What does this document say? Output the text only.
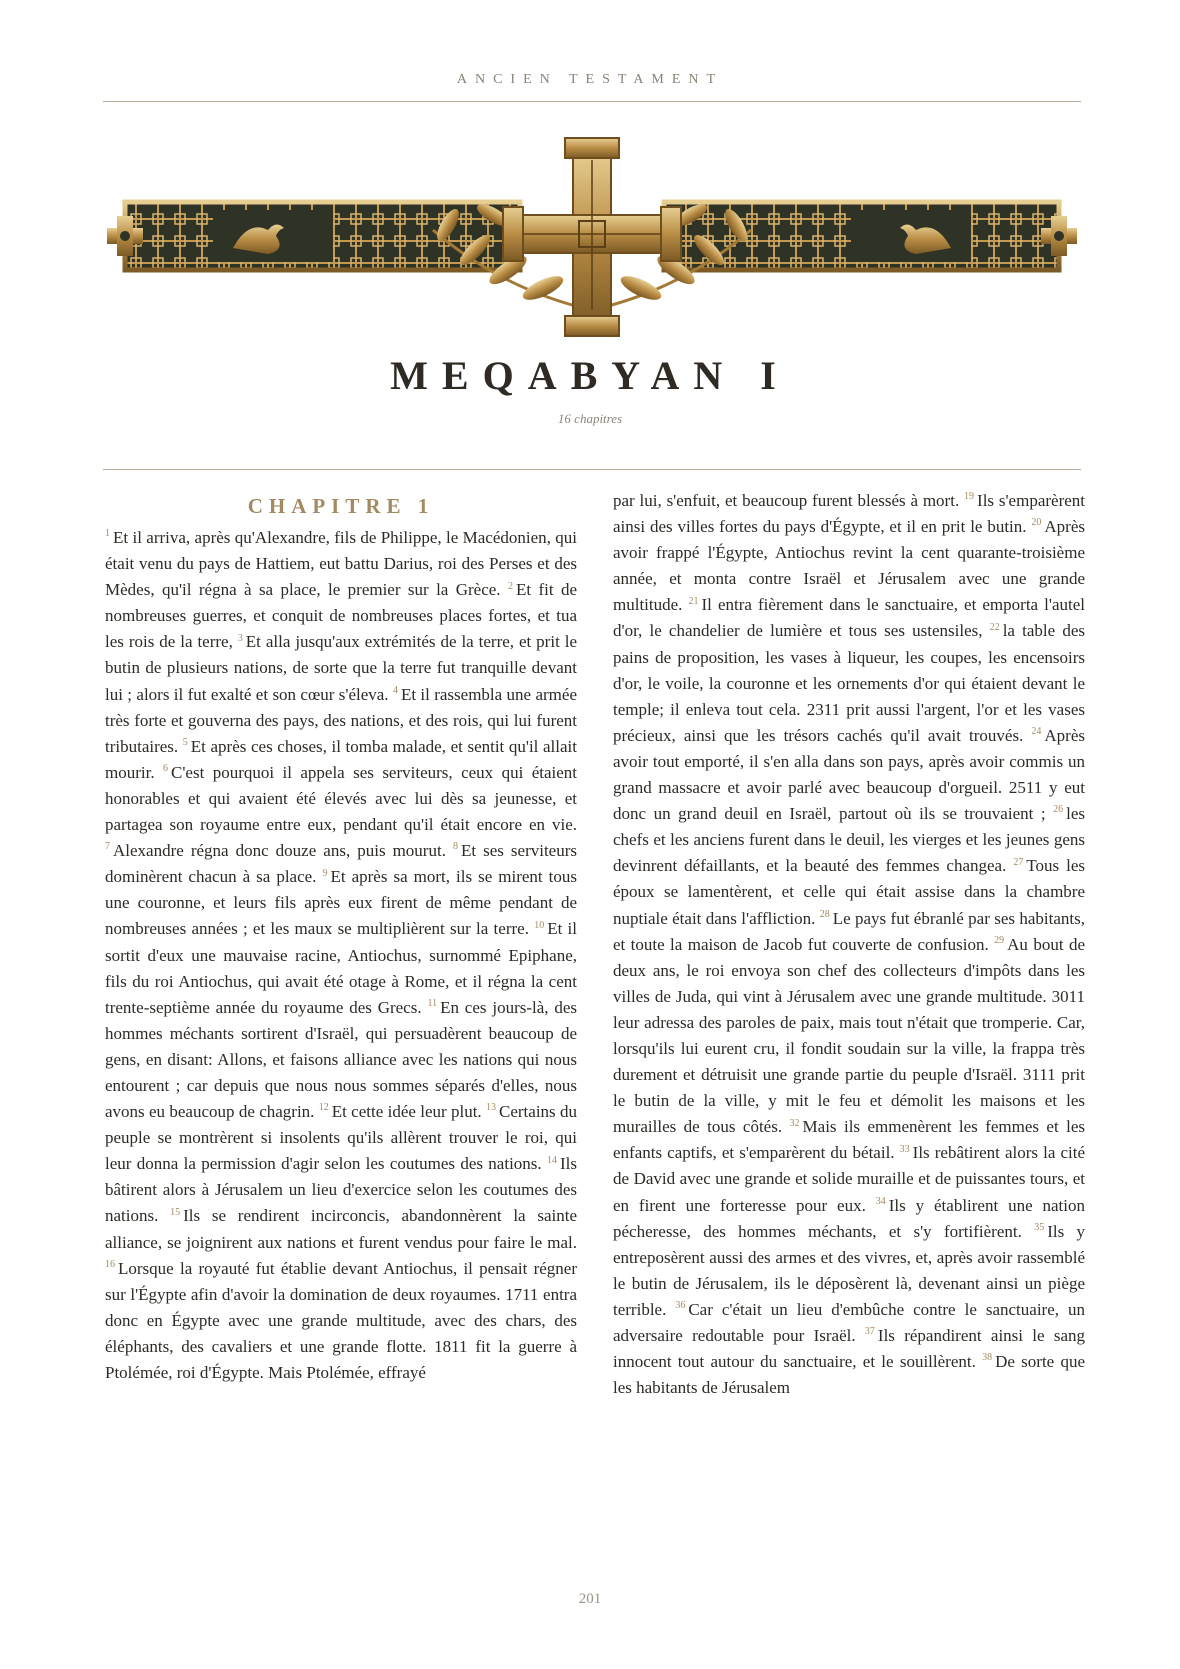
ANCIEN TESTAMENT
MEQABYAN I
16 chapitres
CHAPITRE 1
$^1$ Et il arriva, après qu'Alexandre, fils de Philippe, le Macédonien, qui était venu du pays de Hattiem, eut battu Darius, roi des Perses et des Mèdes, qu'il régna à sa place, le premier sur la Grèce. $^2$ Et fit de nombreuses guerres, et conquit de nombreuses places fortes, et tua les rois de la terre, $^3$ Et alla jusqu'aux extrémités de la terre, et prit le butin de plusieurs nations, de sorte que la terre fut tranquille devant lui ; alors il fut exalté et son cœur s'éleva. $^4$ Et il rassembla une armée très forte et gouverna des pays, des nations, et des rois, qui lui furent tributaires. $^5$ Et après ces choses, il tomba malade, et sentit qu'il allait mourir. $^6$ C'est pourquoi il appela ses serviteurs, ceux qui étaient honorables et qui avaient été élevés avec lui dès sa jeunesse, et partagea son royaume entre eux, pendant qu'il était encore en vie. $^7$ Alexandre régna donc douze ans, puis mourut. $^8$ Et ses serviteurs dominèrent chacun à sa place. $^9$ Et après sa mort, ils se mirent tous une couronne, et leurs fils après eux firent de même pendant de nombreuses années ; et les maux se multiplièrent sur la terre. $^{10}$ Et il sortit d'eux une mauvaise racine, Antiochus, surnommé Epiphane, fils du roi Antiochus, qui avait été otage à Rome, et il régna la cent trente-septième année du royaume des Grecs. $^{11}$ En ces jours-là, des hommes méchants sortirent d'Israël, qui persuadèrent beaucoup de gens, en disant: Allons, et faisons alliance avec les nations qui nous entourent ; car depuis que nous nous sommes séparés d'elles, nous avons eu beaucoup de chagrin. $^{12}$ Et cette idée leur plut. $^{13}$ Certains du peuple se montrèrent si insolents qu'ils allèrent trouver le roi, qui leur donna la permission d'agir selon les coutumes des nations. $^{14}$ Ils bâtirent alors à Jérusalem un lieu d'exercice selon les coutumes des nations. $^{15}$ Ils se rendirent incirconcis, abandonnèrent la sainte alliance, se joignirent aux nations et furent vendus pour faire le mal. $^{16}$ Lorsque la royauté fut établie devant Antiochus, il pensait régner sur l'Égypte afin d'avoir la domination de deux royaumes. 1711 entra donc en Égypte avec une grande multitude, avec des chars, des éléphants, des cavaliers et une grande flotte. 1811 fit la guerre à Ptolémée, roi d'Égypte. Mais Ptolémée, effrayé
par lui, s'enfuit, et beaucoup furent blessés à mort. $^{19}$ Ils s'emparèrent ainsi des villes fortes du pays d'Égypte, et il en prit le butin. $^{20}$ Après avoir frappé l'Égypte, Antiochus revint la cent quarante-troisième année, et monta contre Israël et Jérusalem avec une grande multitude. $^{21}$ Il entra fièrement dans le sanctuaire, et emporta l'autel d'or, le chandelier de lumière et tous ses ustensiles, $^{22}$ la table des pains de proposition, les vases à liqueur, les coupes, les encensoirs d'or, le voile, la couronne et les ornements d'or qui étaient devant le temple; il enleva tout cela. 2311 prit aussi l'argent, l'or et les vases précieux, ainsi que les trésors cachés qu'il avait trouvés. $^{24}$ Après avoir tout emporté, il s'en alla dans son pays, après avoir commis un grand massacre et avoir parlé avec beaucoup d'orgueil. 2511 y eut donc un grand deuil en Israël, partout où ils se trouvaient ; $^{26}$ les chefs et les anciens furent dans le deuil, les vierges et les jeunes gens devinrent défaillants, et la beauté des femmes changea. $^{27}$ Tous les époux se lamentèrent, et celle qui était assise dans la chambre nuptiale était dans l'affliction. $^{28}$ Le pays fut ébranlé par ses habitants, et toute la maison de Jacob fut couverte de confusion. $^{29}$ Au bout de deux ans, le roi envoya son chef des collecteurs d'impôts dans les villes de Juda, qui vint à Jérusalem avec une grande multitude. 3011 leur adressa des paroles de paix, mais tout n'était que tromperie. Car, lorsqu'ils lui eurent cru, il fondit soudain sur la ville, la frappa très durement et détruisit une grande partie du peuple d'Israël. 3111 prit le butin de la ville, y mit le feu et démolit les maisons et les murailles de tous côtés. $^{32}$ Mais ils emmenèrent les femmes et les enfants captifs, et s'emparèrent du bétail. $^{33}$ Ils rebâtirent alors la cité de David avec une grande et solide muraille et de puissantes tours, et en firent une forteresse pour eux. $^{34}$ Ils y établirent une nation pécheresse, des hommes méchants, et s'y fortifièrent. $^{35}$ Ils y entreposèrent aussi des armes et des vivres, et, après avoir rassemblé le butin de Jérusalem, ils le déposèrent là, devenant ainsi un piège terrible. $^{36}$ Car c'était un lieu d'embûche contre le sanctuaire, un adversaire redoutable pour Israël. $^{37}$ Ils répandirent ainsi le sang innocent tout autour du sanctuaire, et le souillèrent. $^{38}$ De sorte que les habitants de Jérusalem
201
